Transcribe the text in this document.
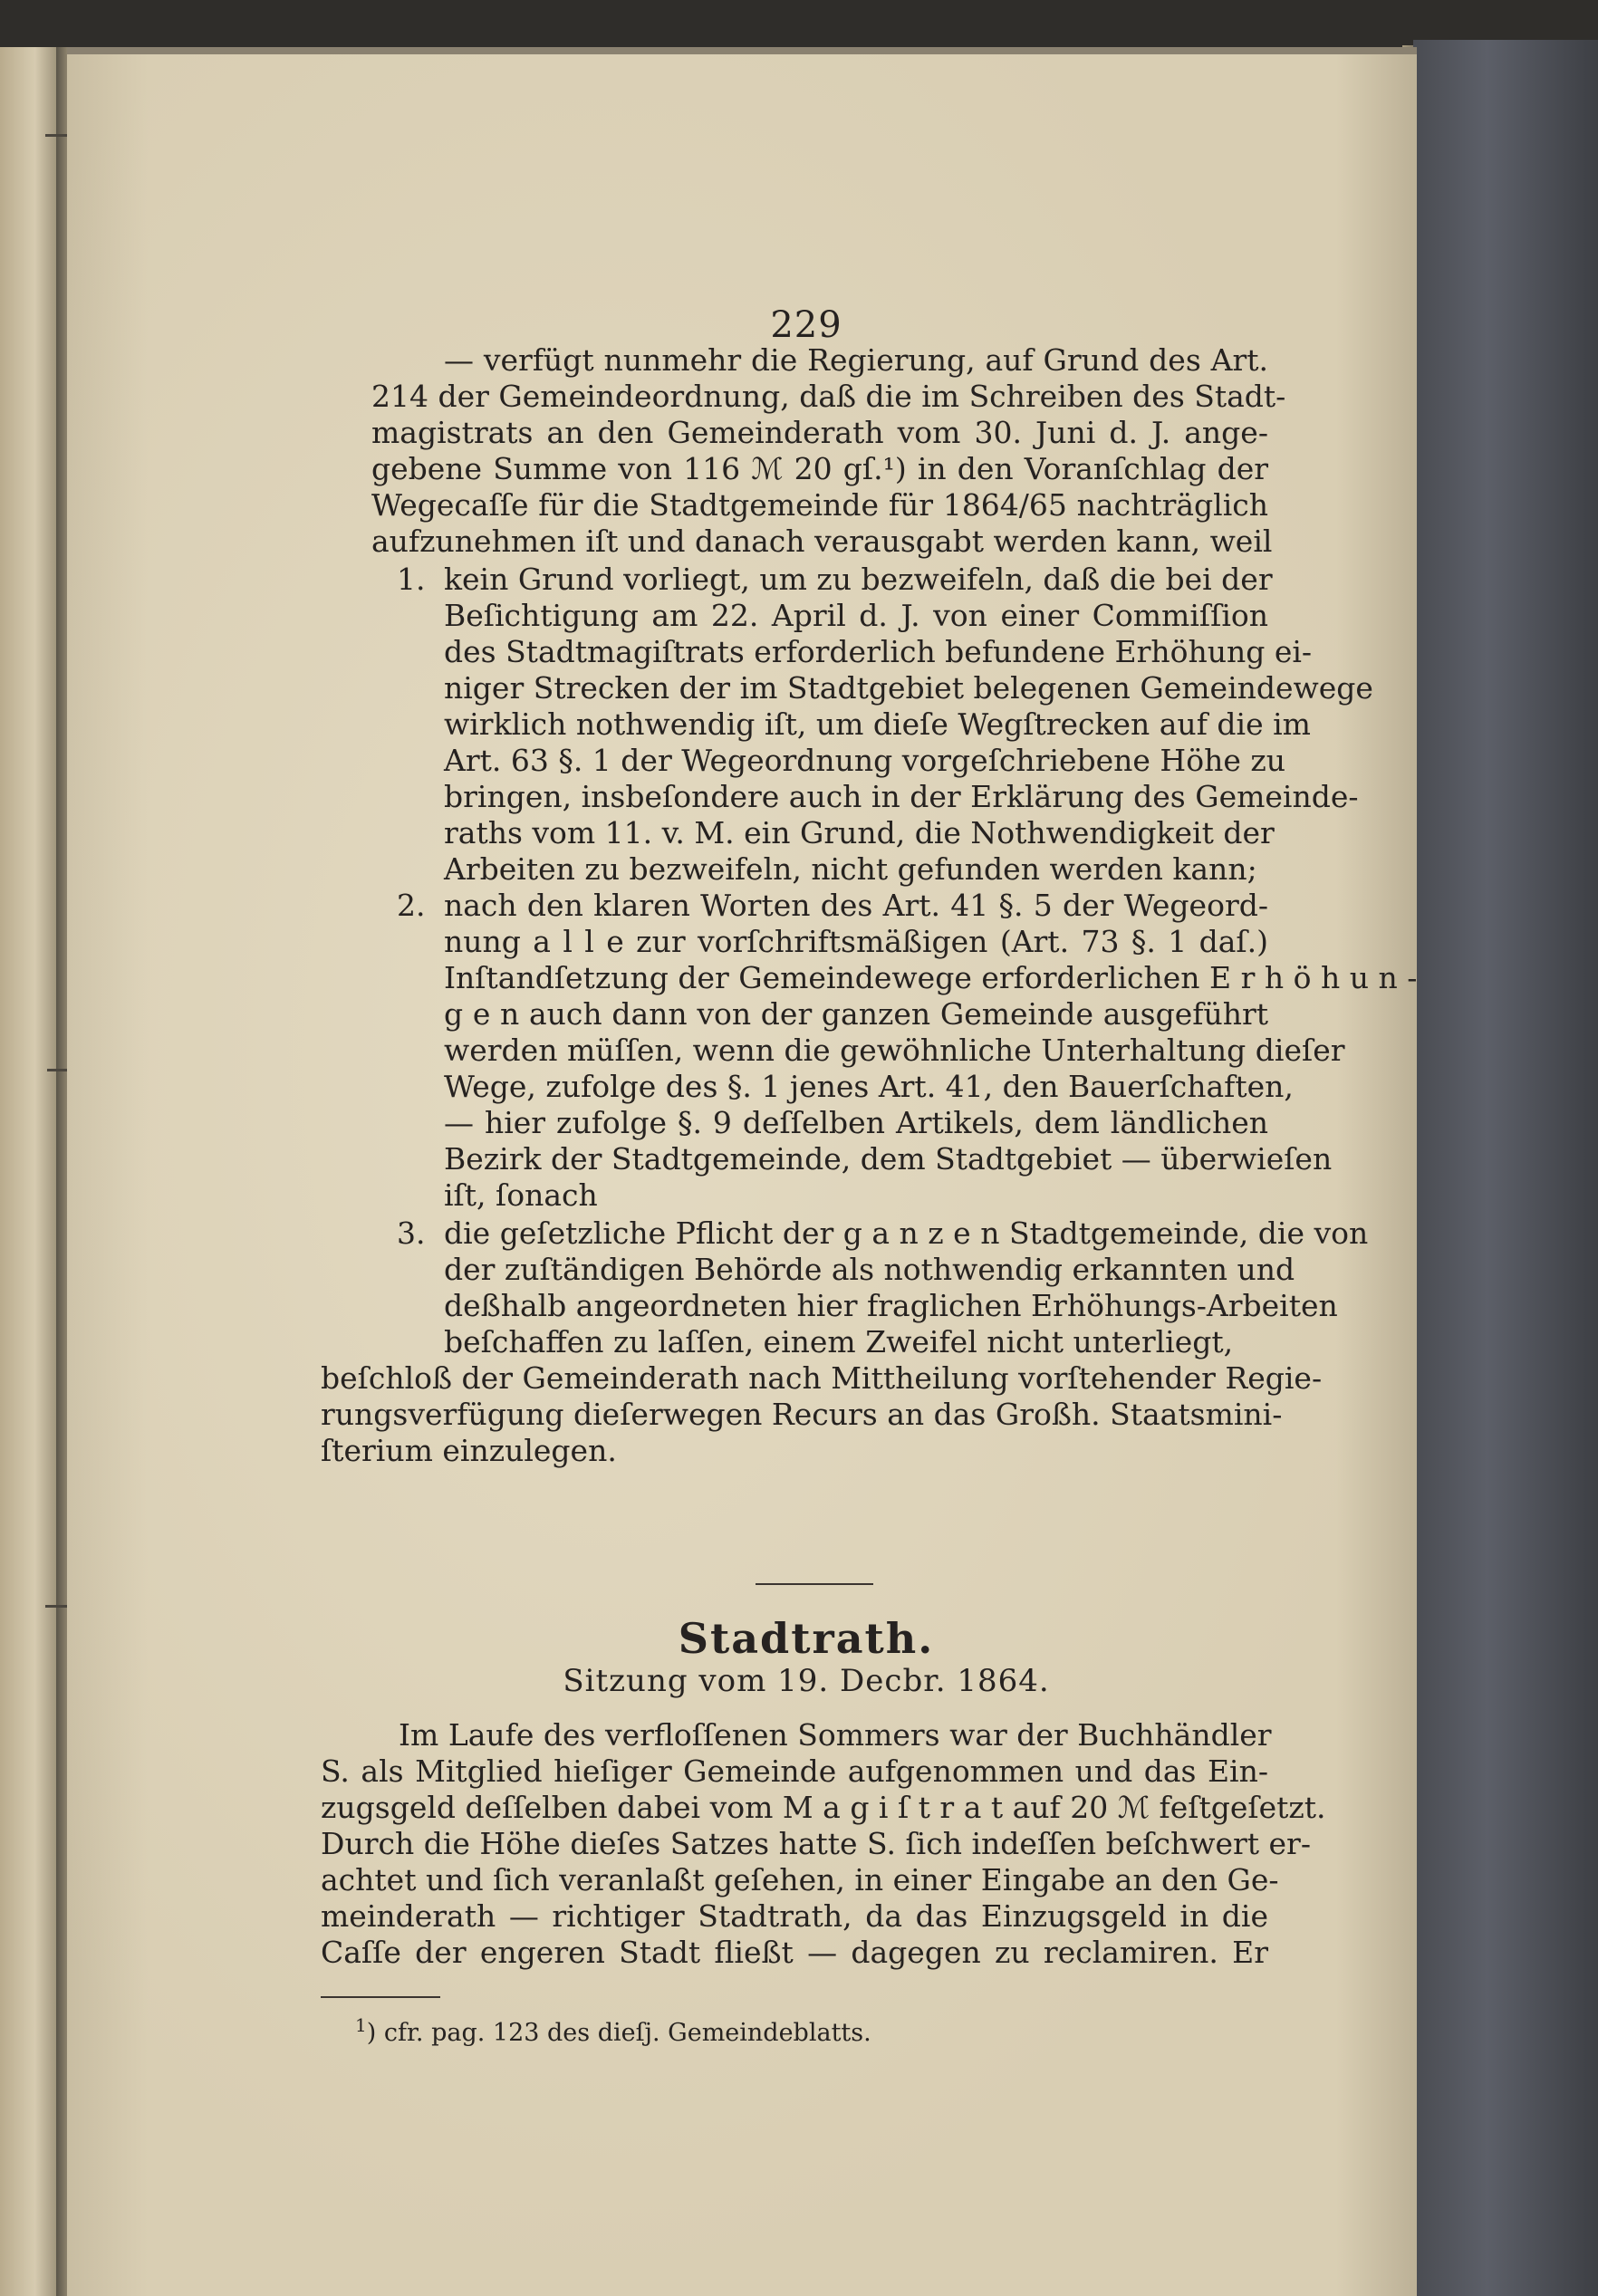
229
— verfügt nunmehr die Regierung, auf Grund des Art.
214 der Gemeindeordnung, daß die im Schreiben des Stadt-
magistrats an den Gemeinderath vom 30. Juni d. J. ange-
gebene Summe von 116 ℳ 20 gſ.¹) in den Voranſchlag der
Wegecaſſe für die Stadtgemeinde für 1864/65 nachträglich
aufzunehmen iſt und danach verausgabt werden kann, weil
1. kein Grund vorliegt, um zu bezweifeln, daß die bei der
Beſichtigung am 22. April d. J. von einer Commiſſion
des Stadtmagiſtrats erforderlich befundene Erhöhung ei-
niger Strecken der im Stadtgebiet belegenen Gemeindewege
wirklich nothwendig iſt, um dieſe Wegſtrecken auf die im
Art. 63 §. 1 der Wegeordnung vorgeſchriebene Höhe zu
bringen, insbeſondere auch in der Erklärung des Gemeinde-
raths vom 11. v. M. ein Grund, die Nothwendigkeit der
Arbeiten zu bezweifeln, nicht gefunden werden kann;
2. nach den klaren Worten des Art. 41 §. 5 der Wegeord-
nung a l l e zur vorſchriftsmäßigen (Art. 73 §. 1 daſ.)
Inſtandſetzung der Gemeindewege erforderlichen E r h ö h u n -
g e n auch dann von der ganzen Gemeinde ausgeführt
werden müſſen, wenn die gewöhnliche Unterhaltung dieſer
Wege, zufolge des §. 1 jenes Art. 41, den Bauerſchaften,
— hier zufolge §. 9 deſſelben Artikels, dem ländlichen
Bezirk der Stadtgemeinde, dem Stadtgebiet — überwieſen
iſt, ſonach
3. die geſetzliche Pflicht der g a n z e n Stadtgemeinde, die von
der zuſtändigen Behörde als nothwendig erkannten und
deßhalb angeordneten hier fraglichen Erhöhungs-Arbeiten
beſchaffen zu laſſen, einem Zweifel nicht unterliegt,
beſchloß der Gemeinderath nach Mittheilung vorſtehender Regie-
rungsverfügung dieſerwegen Recurs an das Großh. Staatsmini-
ſterium einzulegen.
Stadtrath.
Sitzung vom 19. Decbr. 1864.
Im Laufe des verfloſſenen Sommers war der Buchhändler
S. als Mitglied hieſiger Gemeinde aufgenommen und das Ein-
zugsgeld deſſelben dabei vom M a g i ſ t r a t auf 20 ℳ feſtgeſetzt.
Durch die Höhe dieſes Satzes hatte S. ſich indeſſen beſchwert er-
achtet und ſich veranlaßt geſehen, in einer Eingabe an den Ge-
meinderath — richtiger Stadtrath, da das Einzugsgeld in die
Caſſe der engeren Stadt fließt — dagegen zu reclamiren. Er
$^1$) cfr. pag. 123 des dieſj. Gemeindeblatts.
